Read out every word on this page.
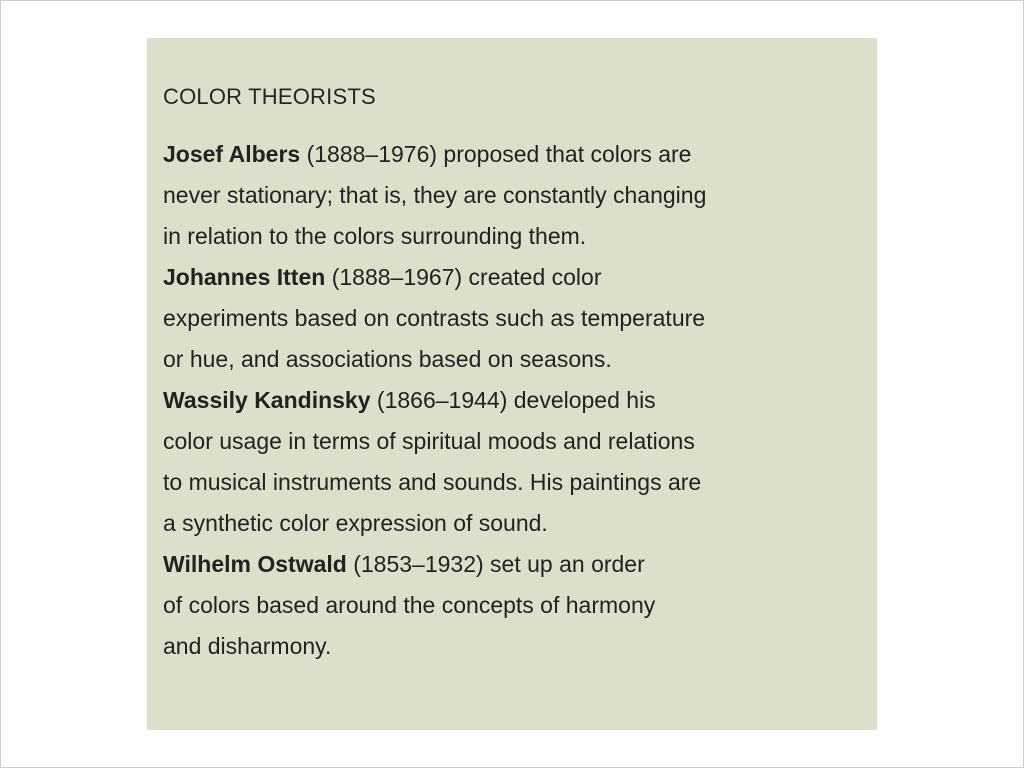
COLOR THEORISTS

Josef Albers (1888–1976) proposed that colors are
never stationary; that is, they are constantly changing
in relation to the colors surrounding them.

Johannes Itten (1888–1967) created color
experiments based on contrasts such as temperature
or hue, and associations based on seasons.

Wassily Kandinsky (1866–1944) developed his
color usage in terms of spiritual moods and relations
to musical instruments and sounds. His paintings are
a synthetic color expression of sound.

Wilhelm Ostwald (1853–1932) set up an order
of colors based around the concepts of harmony
and disharmony.
